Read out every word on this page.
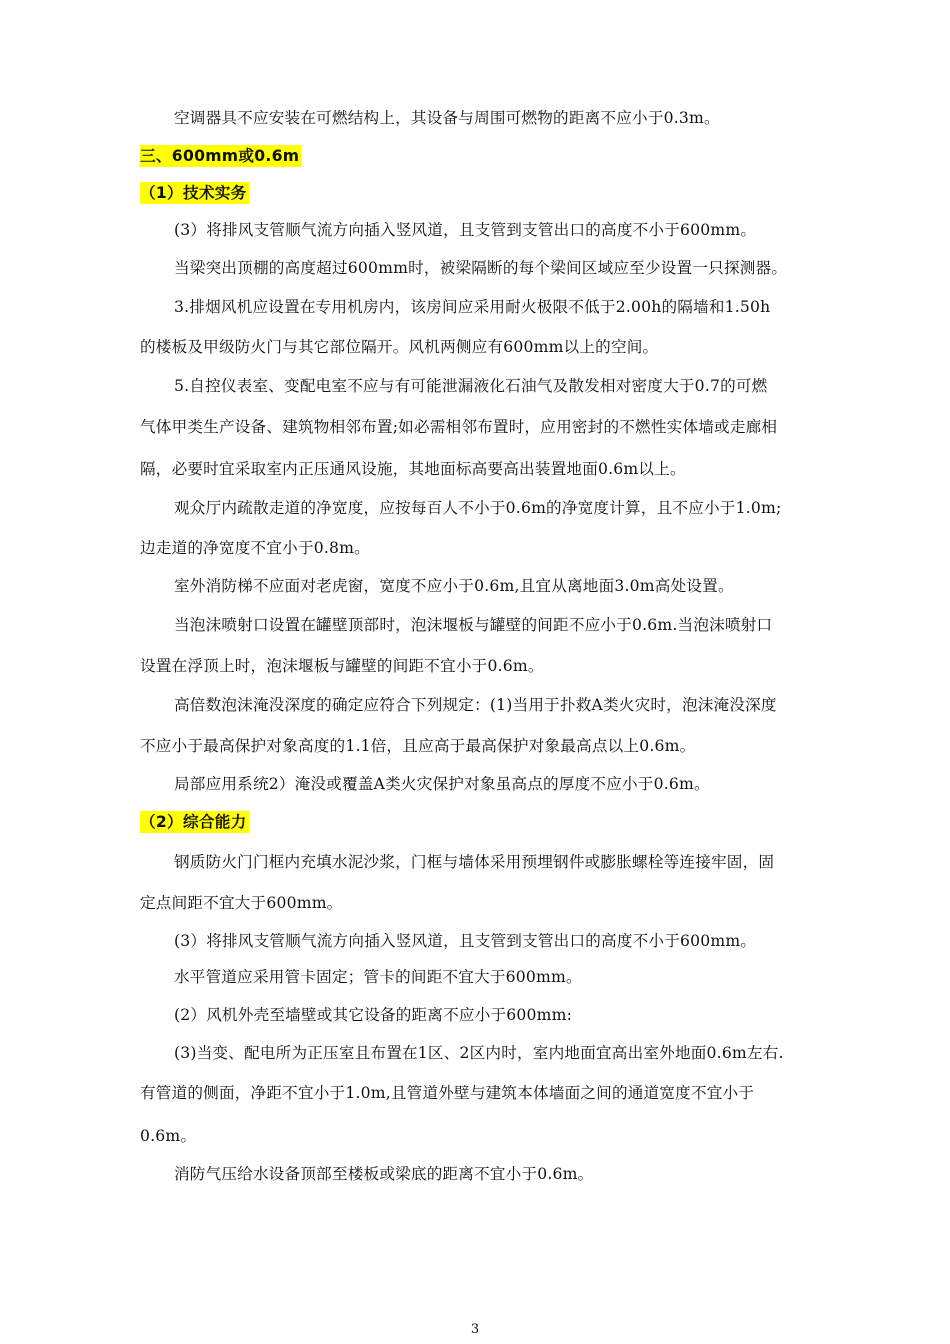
空调器具不应安装在可燃结构上，其设备与周围可燃物的距离不应小于0.3m。
三、600mm或0.6m
（1）技术实务
(3）将排风支管顺气流方向插入竖风道，且支管到支管出口的高度不小于600mm。
当梁突出顶棚的高度超过600mm时，被梁隔断的每个梁间区域应至少设置一只探测器。
3.排烟风机应设置在专用机房内，该房间应采用耐火极限不低于2.00h的隔墙和1.50h
的楼板及甲级防火门与其它部位隔开。风机两侧应有600mm以上的空间。
5.自控仪表室、变配电室不应与有可能泄漏液化石油气及散发相对密度大于0.7的可燃
气体甲类生产设备、建筑物相邻布置;如必需相邻布置时，应用密封的不燃性实体墙或走廊相
隔，必要时宜采取室内正压通风设施，其地面标高要高出装置地面0.6m以上。
观众厅内疏散走道的净宽度，应按每百人不小于0.6m的净宽度计算，且不应小于1.0m;
边走道的净宽度不宜小于0.8m。
室外消防梯不应面对老虎窗，宽度不应小于0.6m,且宜从离地面3.0m高处设置。
当泡沫喷射口设置在罐壁顶部时，泡沫堰板与罐壁的间距不应小于0.6m.当泡沫喷射口
设置在浮顶上时，泡沫堰板与罐壁的间距不宜小于0.6m。
高倍数泡沫淹没深度的确定应符合下列规定：(1)当用于扑救A类火灾时，泡沫淹没深度
不应小于最高保护对象高度的1.1倍，且应高于最高保护对象最高点以上0.6m。
局部应用系统2）淹没或覆盖A类火灾保护对象虽高点的厚度不应小于0.6m。
（2）综合能力
钢质防火门门框内充填水泥沙浆，门框与墙体采用预埋钢件或膨胀螺栓等连接牢固，固
定点间距不宜大于600mm。
(3）将排风支管顺气流方向插入竖风道，且支管到支管出口的高度不小于600mm。
水平管道应采用管卡固定；管卡的间距不宜大于600mm。
(2）风机外壳至墙壁或其它设备的距离不应小于600mm:
(3)当变、配电所为正压室且布置在1区、2区内时，室内地面宜高出室外地面0.6m左右.
有管道的侧面，净距不宜小于1.0m,且管道外壁与建筑本体墙面之间的通道宽度不宜小于
0.6m。
消防气压给水设备顶部至楼板或梁底的距离不宜小于0.6m。
3
